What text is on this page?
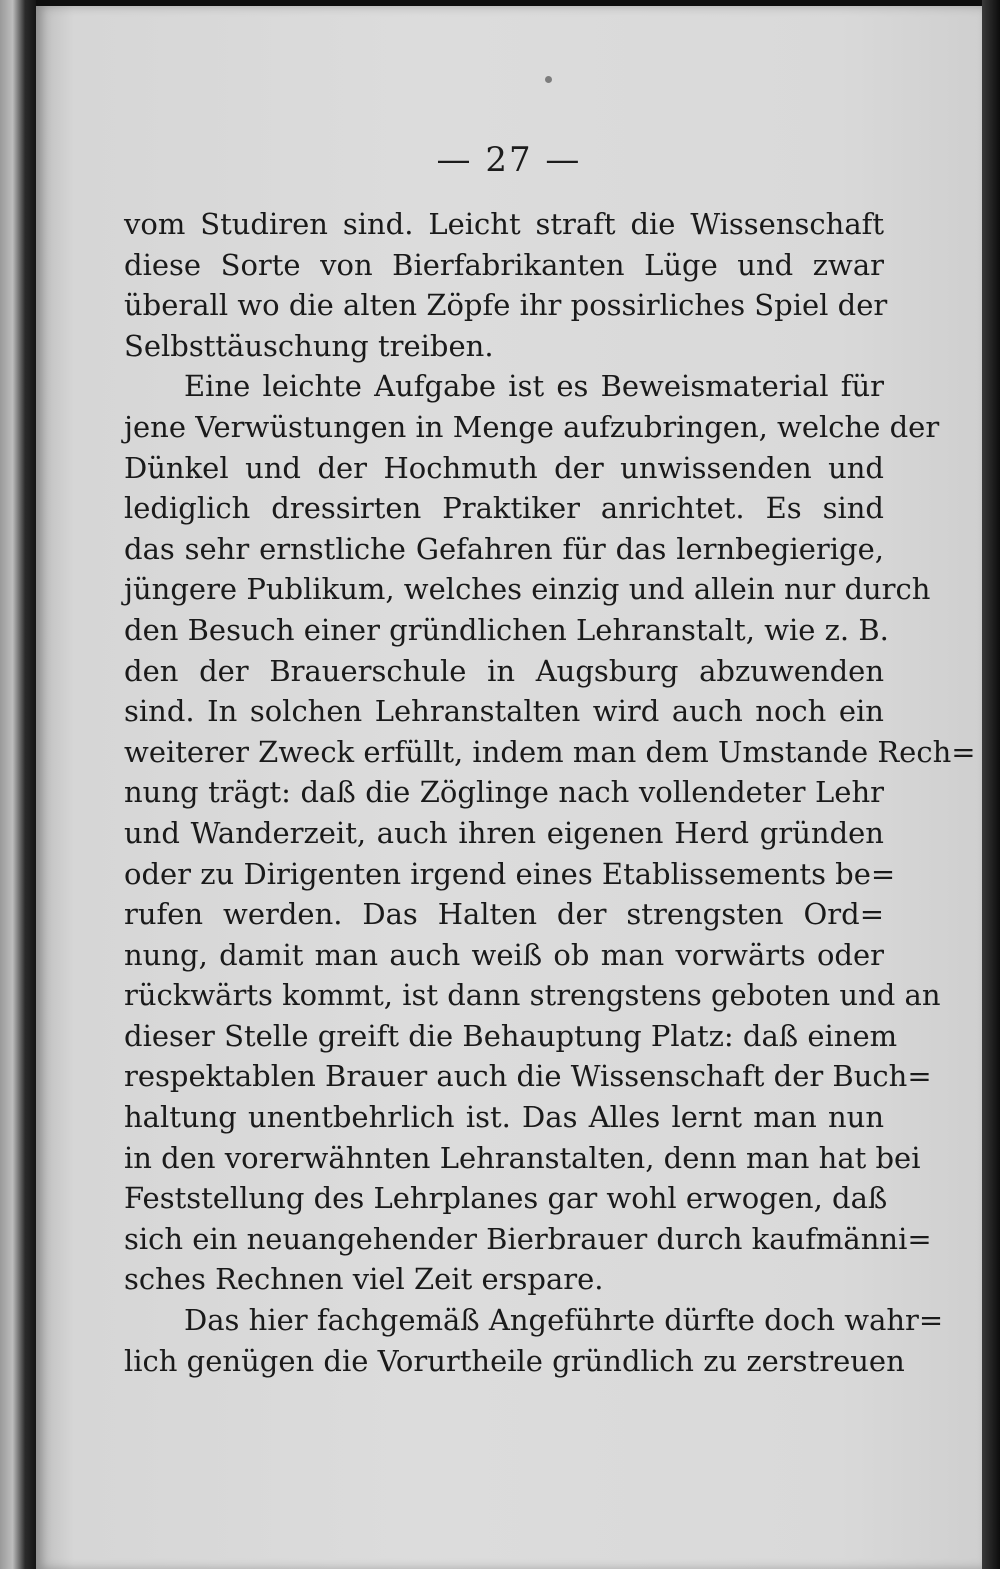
— 27 —
vom Studiren sind. Leicht straft die Wissenschaft
diese Sorte von Bierfabrikanten Lüge und zwar
überall wo die alten Zöpfe ihr possirliches Spiel der
Selbsttäuschung treiben.
Eine leichte Aufgabe ist es Beweismaterial für
jene Verwüstungen in Menge aufzubringen, welche der
Dünkel und der Hochmuth der unwissenden und
lediglich dressirten Praktiker anrichtet. Es sind
das sehr ernstliche Gefahren für das lernbegierige,
jüngere Publikum, welches einzig und allein nur durch
den Besuch einer gründlichen Lehranstalt, wie z. B.
den der Brauerschule in Augsburg abzuwenden
sind. In solchen Lehranstalten wird auch noch ein
weiterer Zweck erfüllt, indem man dem Umstande Rech=
nung trägt: daß die Zöglinge nach vollendeter Lehr
und Wanderzeit, auch ihren eigenen Herd gründen
oder zu Dirigenten irgend eines Etablissements be=
rufen werden. Das Halten der strengsten Ord=
nung, damit man auch weiß ob man vorwärts oder
rückwärts kommt, ist dann strengstens geboten und an
dieser Stelle greift die Behauptung Platz: daß einem
respektablen Brauer auch die Wissenschaft der Buch=
haltung unentbehrlich ist. Das Alles lernt man nun
in den vorerwähnten Lehranstalten, denn man hat bei
Feststellung des Lehrplanes gar wohl erwogen, daß
sich ein neuangehender Bierbrauer durch kaufmänni=
sches Rechnen viel Zeit erspare.
Das hier fachgemäß Angeführte dürfte doch wahr=
lich genügen die Vorurtheile gründlich zu zerstreuen
